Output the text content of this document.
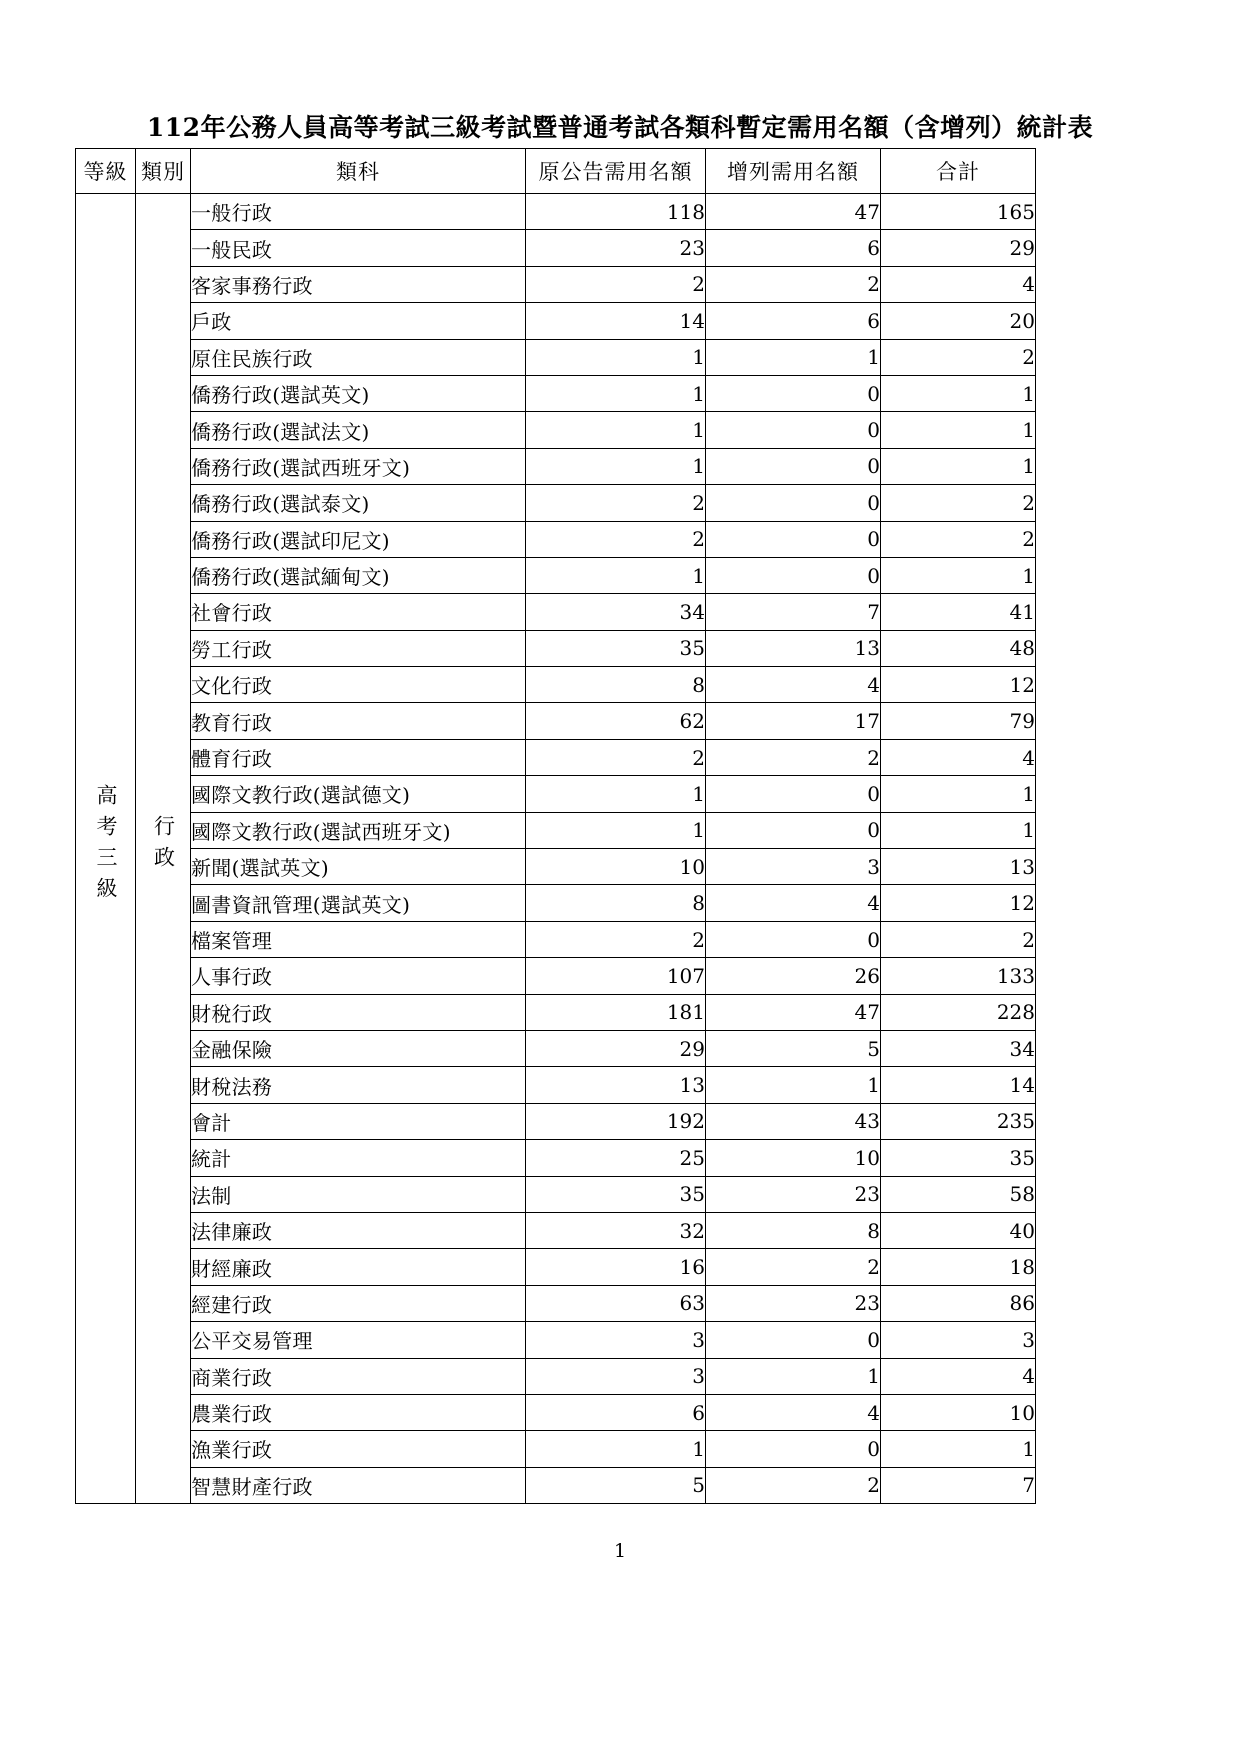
112年公務人員高等考試三級考試暨普通考試各類科暫定需用名額（含增列）統計表
等級	類別	類科	原公告需用名額	增列需用名額	合計
高考三級	行政	一般行政	118	47	165
		一般民政	23	6	29
		客家事務行政	2	2	4
		戶政	14	6	20
		原住民族行政	1	1	2
		僑務行政(選試英文)	1	0	1
		僑務行政(選試法文)	1	0	1
		僑務行政(選試西班牙文)	1	0	1
		僑務行政(選試泰文)	2	0	2
		僑務行政(選試印尼文)	2	0	2
		僑務行政(選試緬甸文)	1	0	1
		社會行政	34	7	41
		勞工行政	35	13	48
		文化行政	8	4	12
		教育行政	62	17	79
		體育行政	2	2	4
		國際文教行政(選試德文)	1	0	1
		國際文教行政(選試西班牙文)	1	0	1
		新聞(選試英文)	10	3	13
		圖書資訊管理(選試英文)	8	4	12
		檔案管理	2	0	2
		人事行政	107	26	133
		財稅行政	181	47	228
		金融保險	29	5	34
		財稅法務	13	1	14
		會計	192	43	235
		統計	25	10	35
		法制	35	23	58
		法律廉政	32	8	40
		財經廉政	16	2	18
		經建行政	63	23	86
		公平交易管理	3	0	3
		商業行政	3	1	4
		農業行政	6	4	10
		漁業行政	1	0	1
		智慧財產行政	5	2	7
1
